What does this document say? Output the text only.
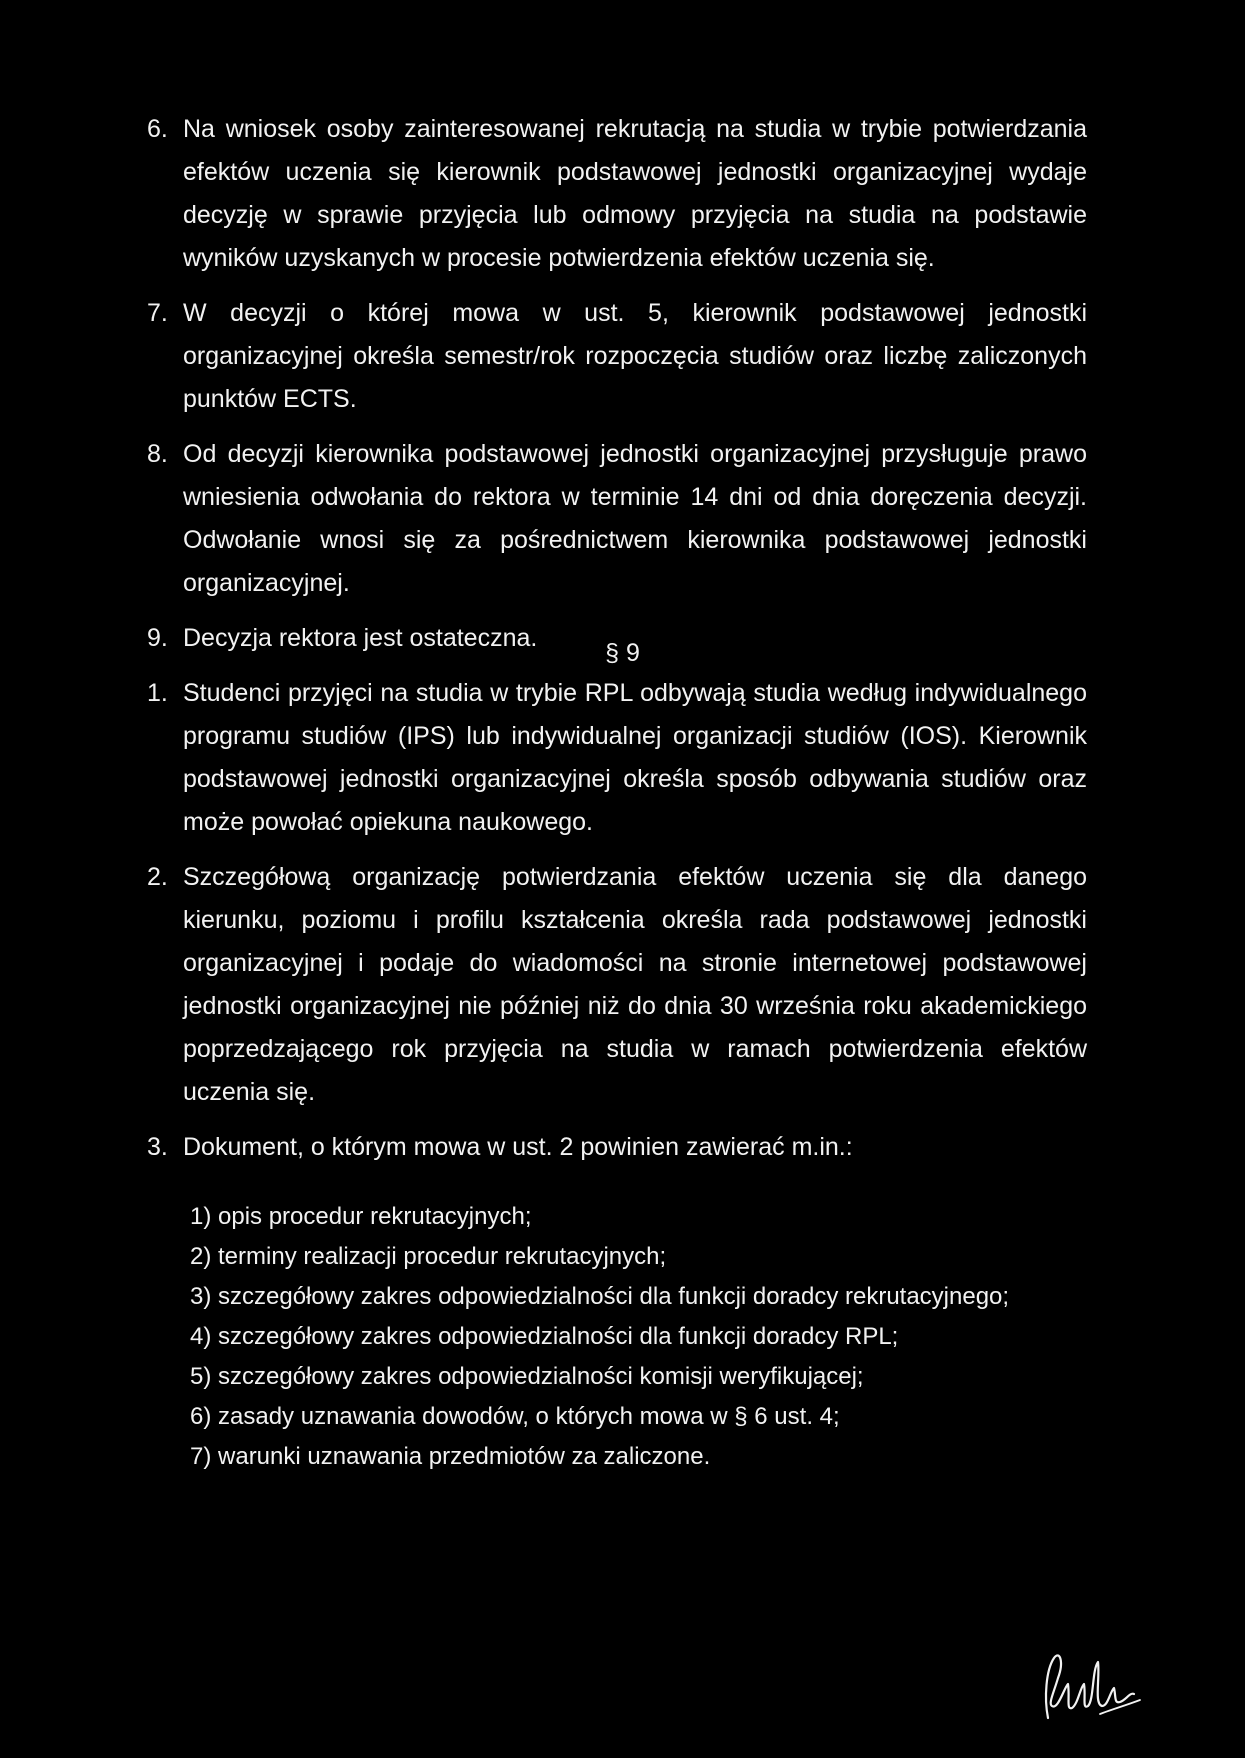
6. Na wniosek osoby zainteresowanej rekrutacją na studia w trybie potwierdzania efektów uczenia się kierownik podstawowej jednostki organizacyjnej wydaje decyzję w sprawie przyjęcia lub odmowy przyjęcia na studia na podstawie wyników uzyskanych w procesie potwierdzenia efektów uczenia się.
7. W decyzji o której mowa w ust. 5, kierownik podstawowej jednostki organizacyjnej określa semestr/rok rozpoczęcia studiów oraz liczbę zaliczonych punktów ECTS.
8. Od decyzji kierownika podstawowej jednostki organizacyjnej przysługuje prawo wniesienia odwołania do rektora w terminie 14 dni od dnia doręczenia decyzji. Odwołanie wnosi się za pośrednictwem kierownika podstawowej jednostki organizacyjnej.
9. Decyzja rektora jest ostateczna.
§ 9
1. Studenci przyjęci na studia w trybie RPL odbywają studia według indywidualnego programu studiów (IPS) lub indywidualnej organizacji studiów (IOS). Kierownik podstawowej jednostki organizacyjnej określa sposób odbywania studiów oraz może powołać opiekuna naukowego.
2. Szczegółową organizację potwierdzania efektów uczenia się dla danego kierunku, poziomu i profilu kształcenia określa rada podstawowej jednostki organizacyjnej i podaje do wiadomości na stronie internetowej podstawowej jednostki organizacyjnej nie później niż do dnia 30 września roku akademickiego poprzedzającego rok przyjęcia na studia w ramach potwierdzenia efektów uczenia się.
3. Dokument, o którym mowa w ust. 2 powinien zawierać m.in.:
1) opis procedur rekrutacyjnych;
2) terminy realizacji procedur rekrutacyjnych;
3) szczegółowy zakres odpowiedzialności dla funkcji doradcy rekrutacyjnego;
4) szczegółowy zakres odpowiedzialności dla funkcji doradcy RPL;
5) szczegółowy zakres odpowiedzialności komisji weryfikującej;
6) zasady uznawania dowodów, o których mowa w § 6 ust. 4;
7) warunki uznawania przedmiotów za zaliczone.
